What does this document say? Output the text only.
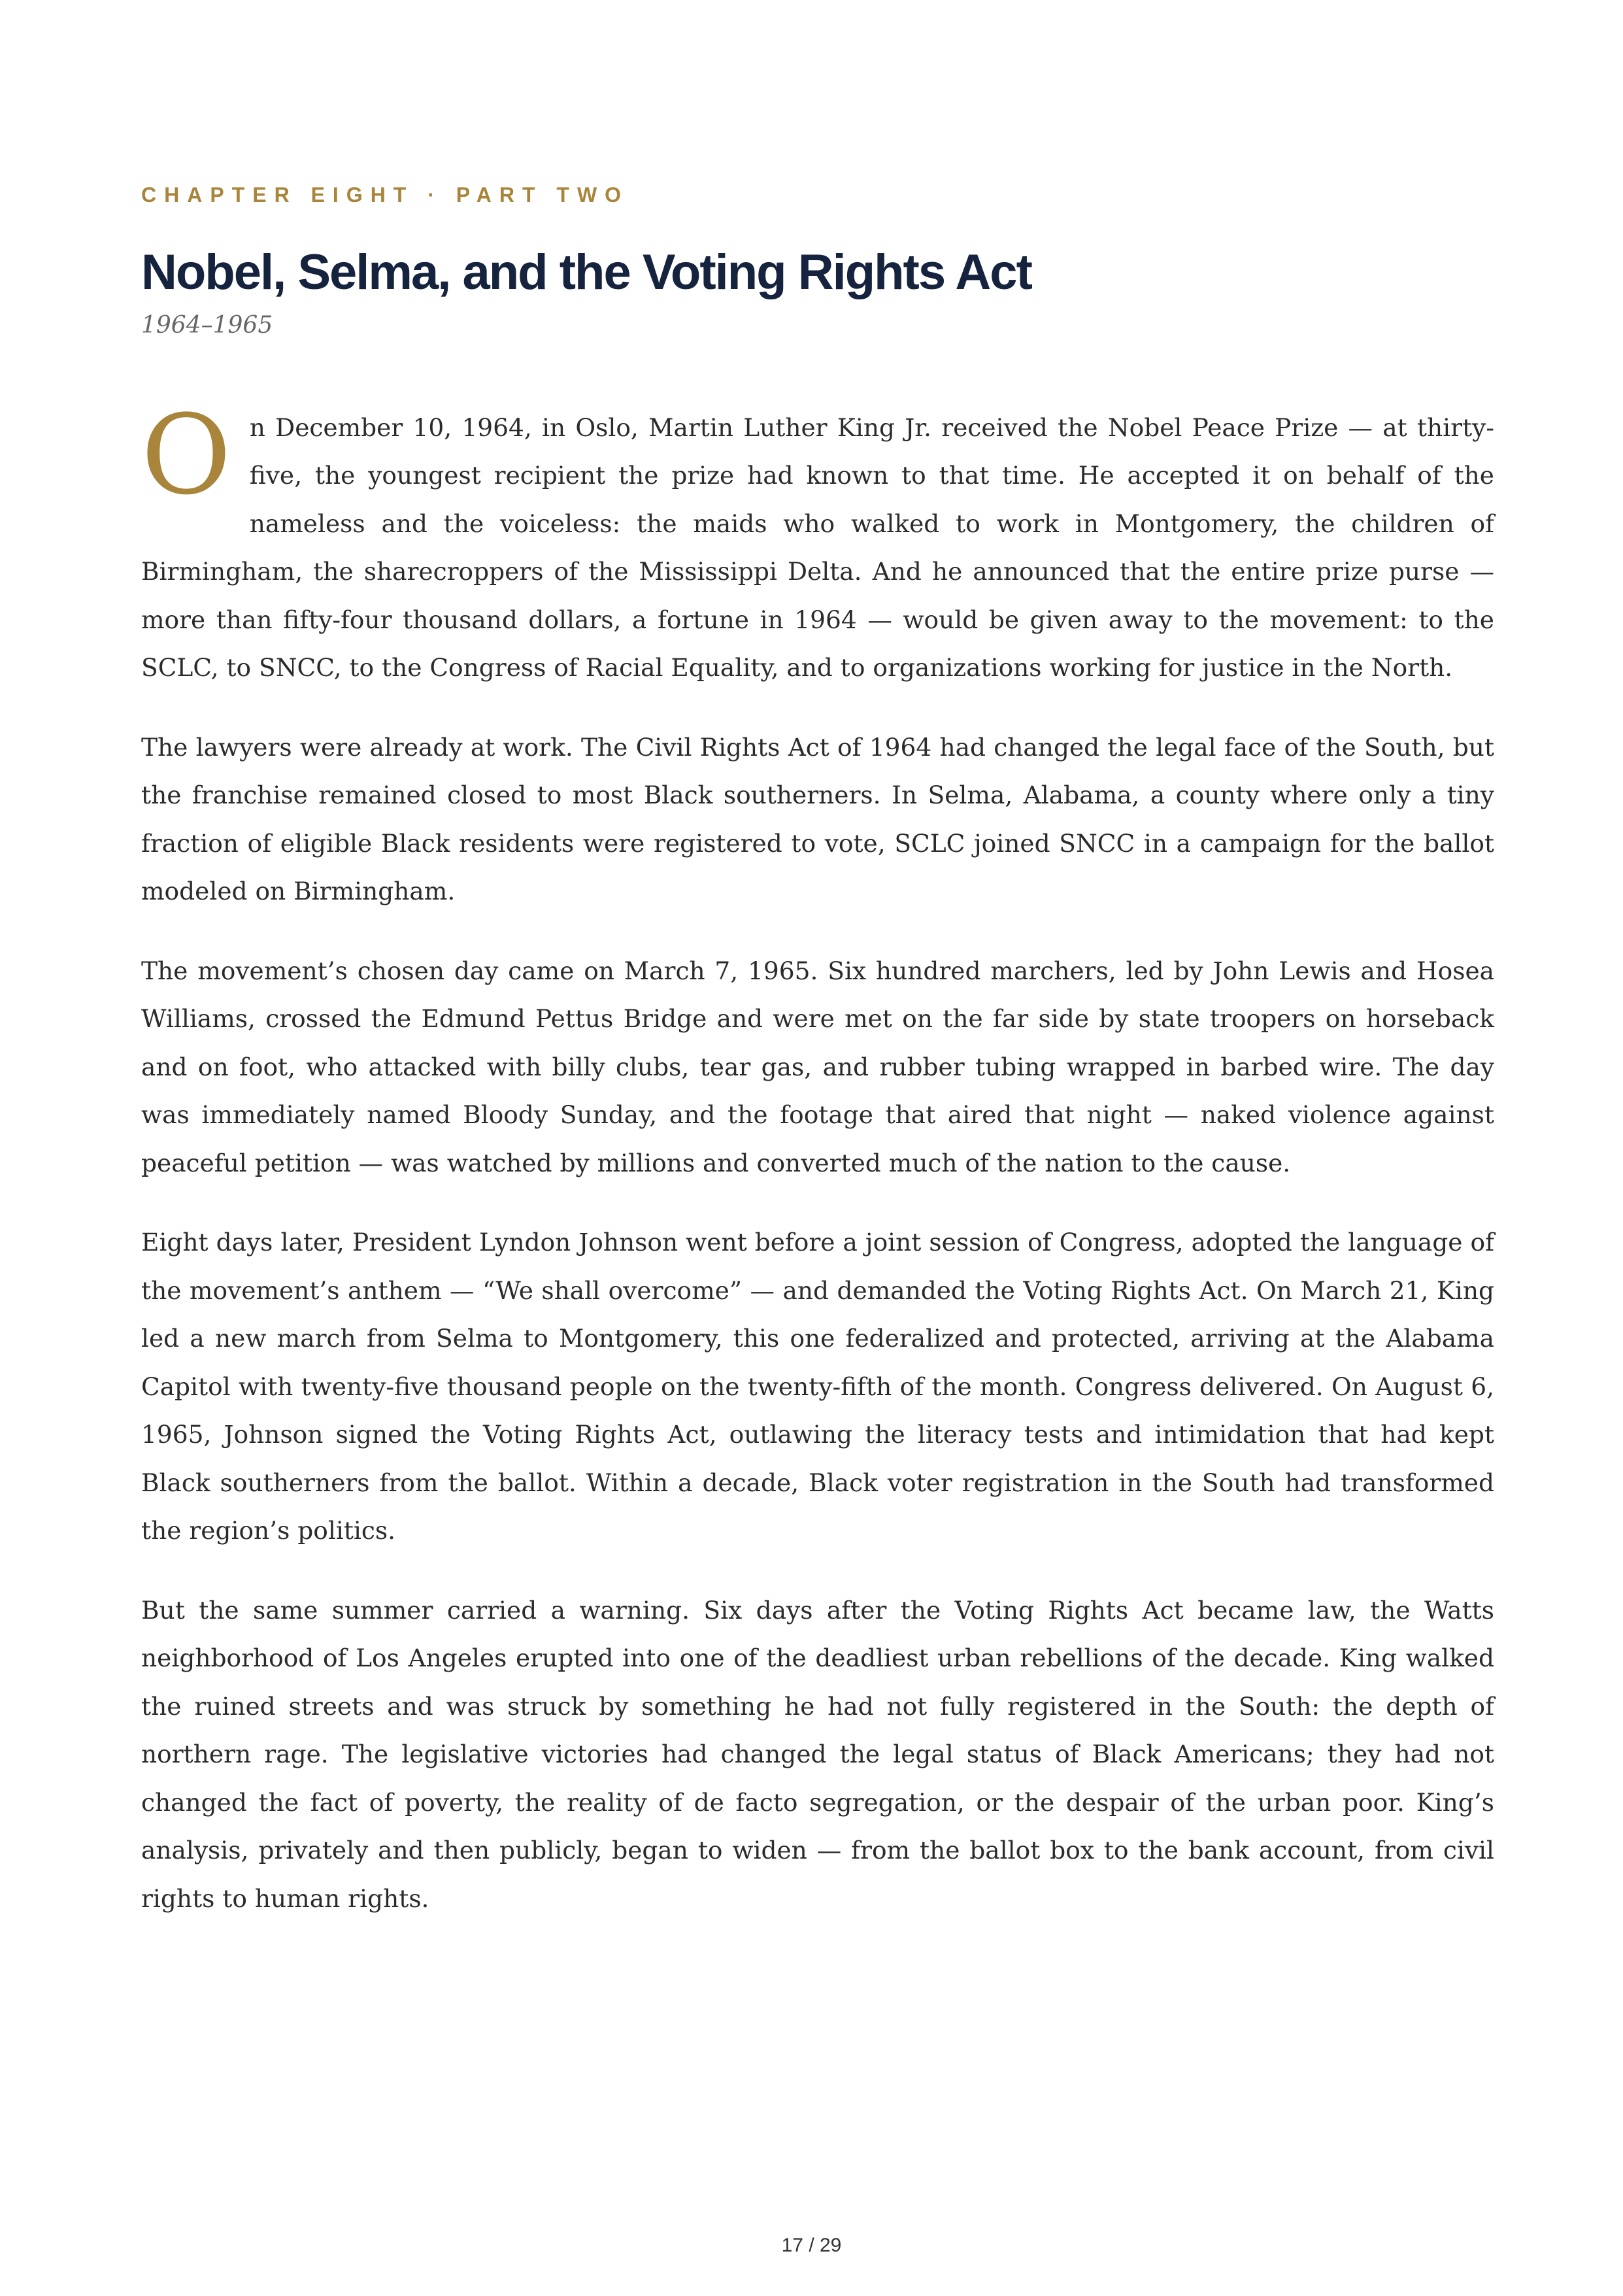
CHAPTER EIGHT · PART TWO

Nobel, Selma, and the Voting Rights Act

1964–1965

On December 10, 1964, in Oslo, Martin Luther King Jr. received the Nobel Peace Prize — at thirty-five, the youngest recipient the prize had known to that time. He accepted it on behalf of the nameless and the voiceless: the maids who walked to work in Montgomery, the children of Birmingham, the sharecroppers of the Mississippi Delta. And he announced that the entire prize purse — more than fifty-four thousand dollars, a fortune in 1964 — would be given away to the movement: to the SCLC, to SNCC, to the Congress of Racial Equality, and to organizations working for justice in the North.

The lawyers were already at work. The Civil Rights Act of 1964 had changed the legal face of the South, but the franchise remained closed to most Black southerners. In Selma, Alabama, a county where only a tiny fraction of eligible Black residents were registered to vote, SCLC joined SNCC in a campaign for the ballot modeled on Birmingham.

The movement’s chosen day came on March 7, 1965. Six hundred marchers, led by John Lewis and Hosea Williams, crossed the Edmund Pettus Bridge and were met on the far side by state troopers on horseback and on foot, who attacked with billy clubs, tear gas, and rubber tubing wrapped in barbed wire. The day was immediately named Bloody Sunday, and the footage that aired that night — naked violence against peaceful petition — was watched by millions and converted much of the nation to the cause.

Eight days later, President Lyndon Johnson went before a joint session of Congress, adopted the language of the movement’s anthem — “We shall overcome” — and demanded the Voting Rights Act. On March 21, King led a new march from Selma to Montgomery, this one federalized and protected, arriving at the Alabama Capitol with twenty-five thousand people on the twenty-fifth of the month. Congress delivered. On August 6, 1965, Johnson signed the Voting Rights Act, outlawing the literacy tests and intimidation that had kept Black southerners from the ballot. Within a decade, Black voter registration in the South had transformed the region’s politics.

But the same summer carried a warning. Six days after the Voting Rights Act became law, the Watts neighborhood of Los Angeles erupted into one of the deadliest urban rebellions of the decade. King walked the ruined streets and was struck by something he had not fully registered in the South: the depth of northern rage. The legislative victories had changed the legal status of Black Americans; they had not changed the fact of poverty, the reality of de facto segregation, or the despair of the urban poor. King’s analysis, privately and then publicly, began to widen — from the ballot box to the bank account, from civil rights to human rights.

17 / 29
